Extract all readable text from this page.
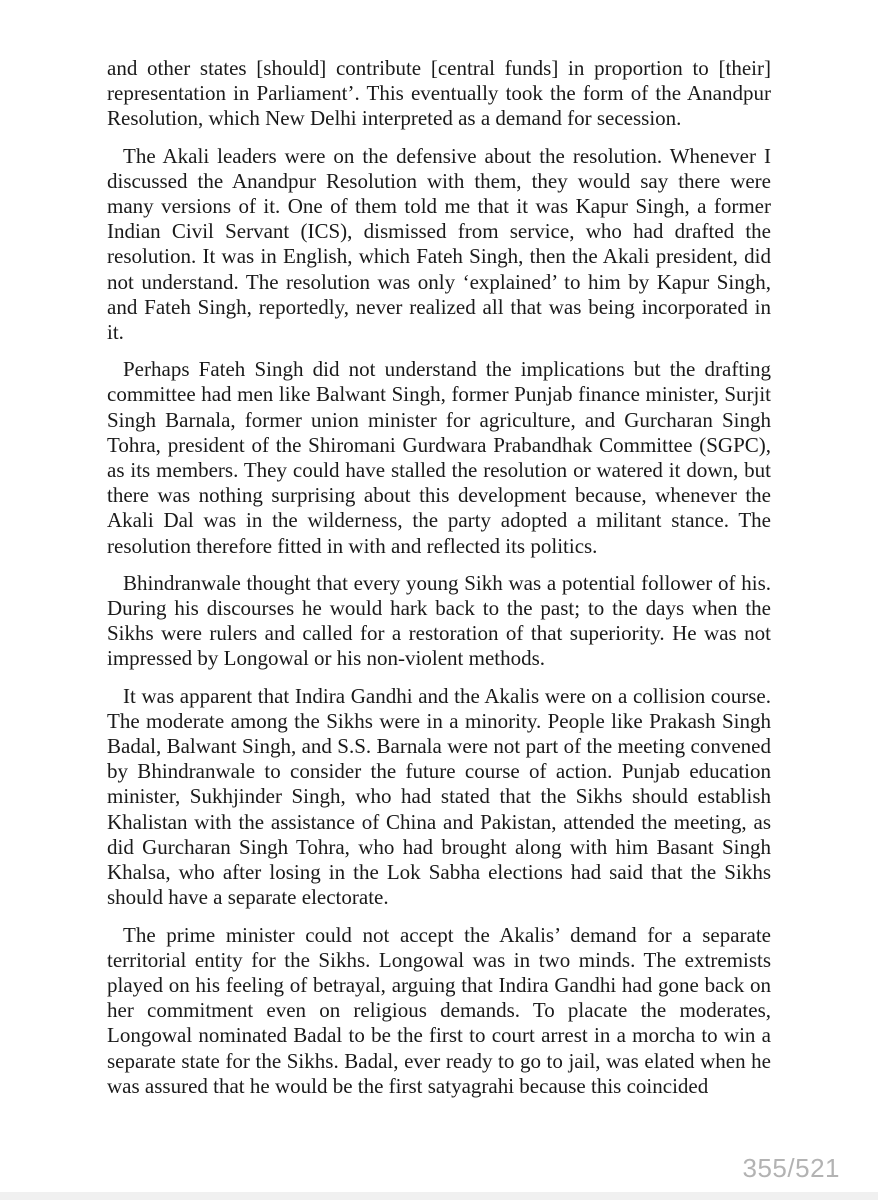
and other states [should] contribute [central funds] in proportion to [their] representation in Parliament’. This eventually took the form of the Anandpur Resolution, which New Delhi interpreted as a demand for secession.

The Akali leaders were on the defensive about the resolution. Whenever I discussed the Anandpur Resolution with them, they would say there were many versions of it. One of them told me that it was Kapur Singh, a former Indian Civil Servant (ICS), dismissed from service, who had drafted the resolution. It was in English, which Fateh Singh, then the Akali president, did not understand. The resolution was only ‘explained’ to him by Kapur Singh, and Fateh Singh, reportedly, never realized all that was being incorporated in it.

Perhaps Fateh Singh did not understand the implications but the drafting committee had men like Balwant Singh, former Punjab finance minister, Surjit Singh Barnala, former union minister for agriculture, and Gurcharan Singh Tohra, president of the Shiromani Gurdwara Prabandhak Committee (SGPC), as its members. They could have stalled the resolution or watered it down, but there was nothing surprising about this development because, whenever the Akali Dal was in the wilderness, the party adopted a militant stance. The resolution therefore fitted in with and reflected its politics.

Bhindranwale thought that every young Sikh was a potential follower of his. During his discourses he would hark back to the past; to the days when the Sikhs were rulers and called for a restoration of that superiority. He was not impressed by Longowal or his non-violent methods.

It was apparent that Indira Gandhi and the Akalis were on a collision course. The moderate among the Sikhs were in a minority. People like Prakash Singh Badal, Balwant Singh, and S.S. Barnala were not part of the meeting convened by Bhindranwale to consider the future course of action. Punjab education minister, Sukhjinder Singh, who had stated that the Sikhs should establish Khalistan with the assistance of China and Pakistan, attended the meeting, as did Gurcharan Singh Tohra, who had brought along with him Basant Singh Khalsa, who after losing in the Lok Sabha elections had said that the Sikhs should have a separate electorate.

The prime minister could not accept the Akalis’ demand for a separate territorial entity for the Sikhs. Longowal was in two minds. The extremists played on his feeling of betrayal, arguing that Indira Gandhi had gone back on her commitment even on religious demands. To placate the moderates, Longowal nominated Badal to be the first to court arrest in a morcha to win a separate state for the Sikhs. Badal, ever ready to go to jail, was elated when he was assured that he would be the first satyagrahi because this coincided

355/521
